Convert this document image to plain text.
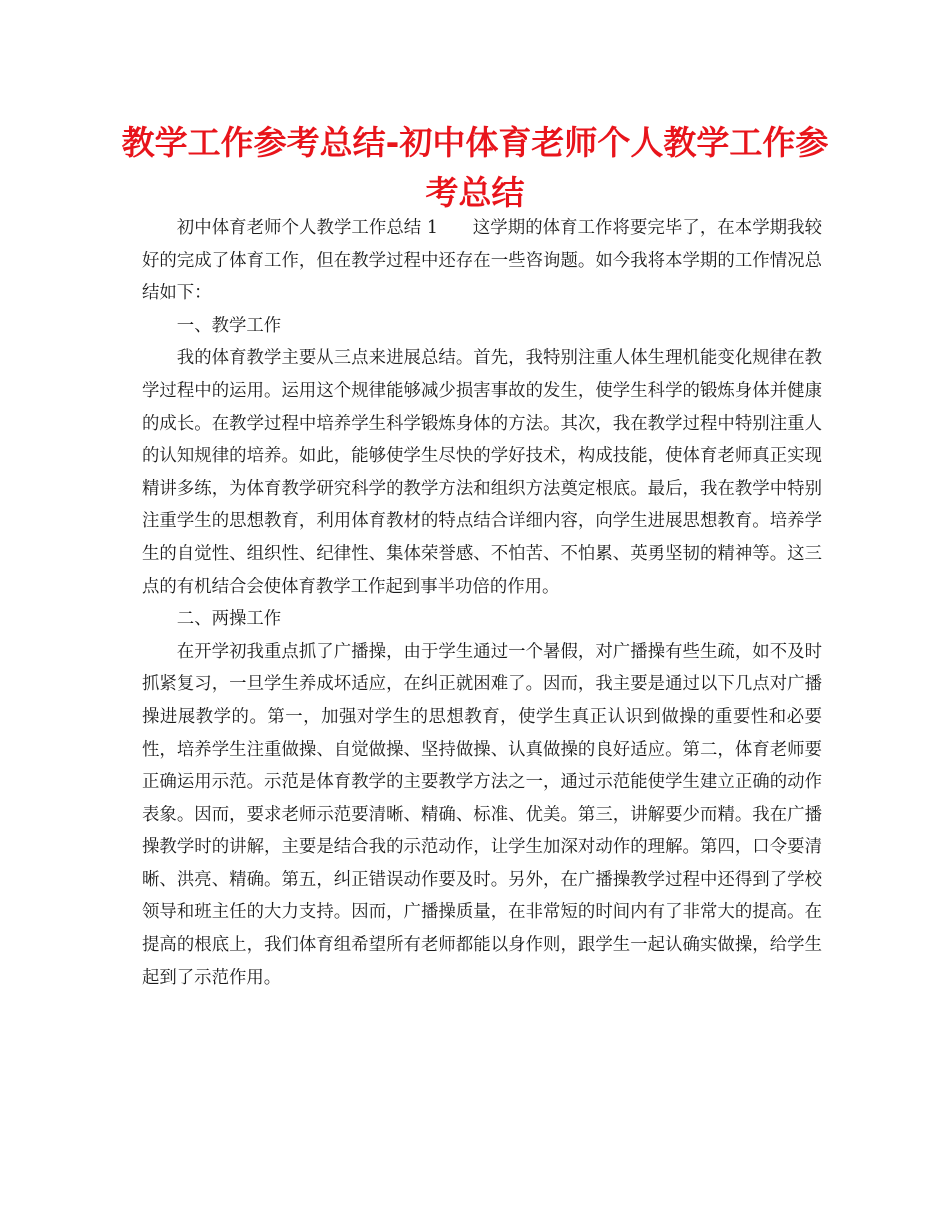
教学工作参考总结-初中体育老师个人教学工作参考总结

初中体育老师个人教学工作总结 1 这学期的体育工作将要完毕了，在本学期我较好的完成了体育工作，但在教学过程中还存在一些咨询题。如今我将本学期的工作情况总结如下：

一、教学工作

我的体育教学主要从三点来进展总结。首先，我特别注重人体生理机能变化规律在教学过程中的运用。运用这个规律能够减少损害事故的发生，使学生科学的锻炼身体并健康的成长。在教学过程中培养学生科学锻炼身体的方法。其次，我在教学过程中特别注重人的认知规律的培养。如此，能够使学生尽快的学好技术，构成技能，使体育老师真正实现精讲多练，为体育教学研究科学的教学方法和组织方法奠定根底。最后，我在教学中特别注重学生的思想教育，利用体育教材的特点结合详细内容，向学生进展思想教育。培养学生的自觉性、组织性、纪律性、集体荣誉感、不怕苦、不怕累、英勇坚韧的精神等。这三点的有机结合会使体育教学工作起到事半功倍的作用。

二、两操工作

在开学初我重点抓了广播操，由于学生通过一个暑假，对广播操有些生疏，如不及时抓紧复习，一旦学生养成坏适应，在纠正就困难了。因而，我主要是通过以下几点对广播操进展教学的。第一，加强对学生的思想教育，使学生真正认识到做操的重要性和必要性，培养学生注重做操、自觉做操、坚持做操、认真做操的良好适应。第二，体育老师要正确运用示范。示范是体育教学的主要教学方法之一，通过示范能使学生建立正确的动作表象。因而，要求老师示范要清晰、精确、标准、优美。第三，讲解要少而精。我在广播操教学时的讲解，主要是结合我的示范动作，让学生加深对动作的理解。第四，口令要清晰、洪亮、精确。第五，纠正错误动作要及时。另外，在广播操教学过程中还得到了学校领导和班主任的大力支持。因而，广播操质量，在非常短的时间内有了非常大的提高。在提高的根底上，我们体育组希望所有老师都能以身作则，跟学生一起认确实做操，给学生起到了示范作用。
